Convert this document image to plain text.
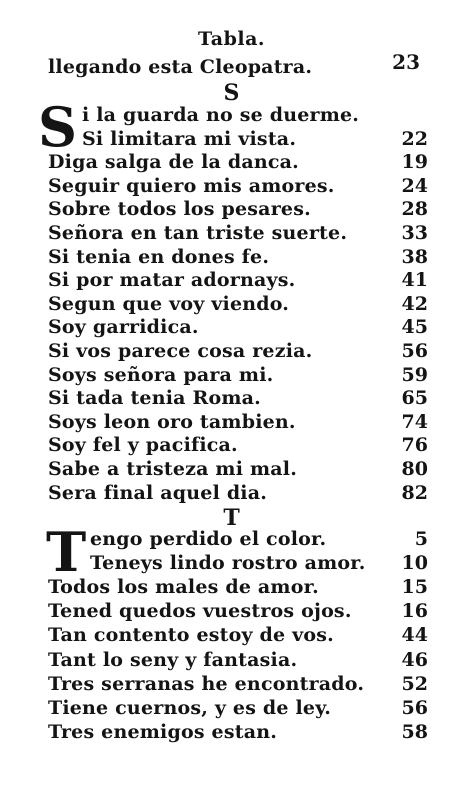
Tabla.
llegando esta Cleopatra.	23
S
S i la guarda no se duerme.
Si limitara mi vista.	22
Diga salga de la danca.	19
Seguir quiero mis amores.	24
Sobre todos los pesares.	28
Señora en tan triste suerte.	33
Si tenia en dones fe.	38
Si por matar adornays.	41
Segun que voy viendo.	42
Soy garridica.	45
Si vos parece cosa rezia.	56
Soys señora para mi.	59
Si tada tenia Roma.	65
Soys leon oro tambien.	74
Soy fel y pacifica.	76
Sabe a tristeza mi mal.	80
Sera final aquel dia.	82
T
T engo perdido el color.	5
Teneys lindo rostro amor.	10
Todos los males de amor.	15
Tened quedos vuestros ojos.	16
Tan contento estoy de vos.	44
Tant lo seny y fantasia.	46
Tres serranas he encontrado.	52
Tiene cuernos, y es de ley.	56
Tres enemigos estan.	58
